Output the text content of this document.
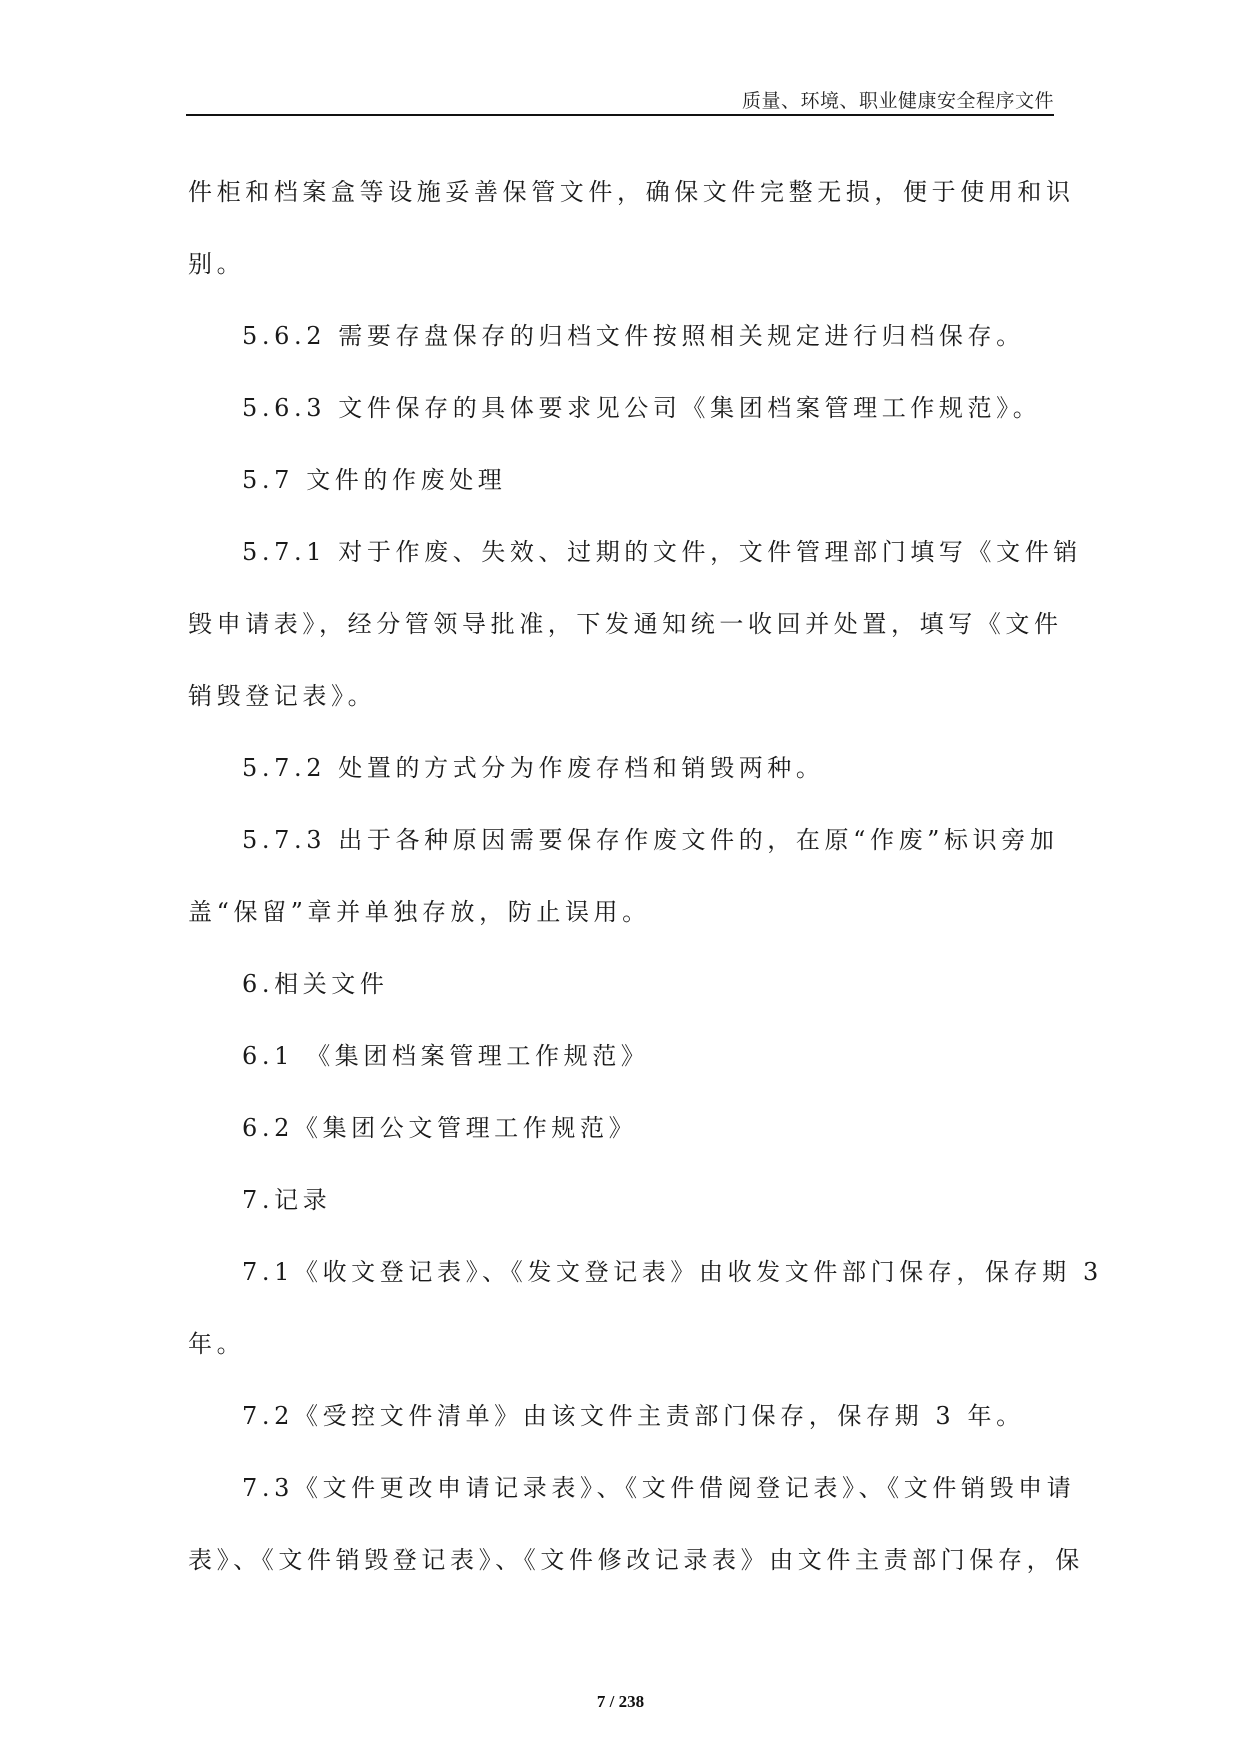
质量、环境、职业健康安全程序文件

件柜和档案盒等设施妥善保管文件，确保文件完整无损，便于使用和识

别。

5.6.2 需要存盘保存的归档文件按照相关规定进行归档保存。

5.6.3 文件保存的具体要求见公司《集团档案管理工作规范》。

5.7 文件的作废处理

5.7.1 对于作废、失效、过期的文件，文件管理部门填写《文件销

毁申请表》，经分管领导批准，下发通知统一收回并处置，填写《文件

销毁登记表》。

5.7.2 处置的方式分为作废存档和销毁两种。

5.7.3 出于各种原因需要保存作废文件的，在原“作废”标识旁加

盖“保留”章并单独存放，防止误用。

6.相关文件

6.1 《集团档案管理工作规范》

6.2《集团公文管理工作规范》

7.记录

7.1《收文登记表》、《发文登记表》由收发文件部门保存，保存期 3

年。

7.2《受控文件清单》由该文件主责部门保存，保存期 3 年。

7.3《文件更改申请记录表》、《文件借阅登记表》、《文件销毁申请

表》、《文件销毁登记表》、《文件修改记录表》由文件主责部门保存，保

7 / 238
